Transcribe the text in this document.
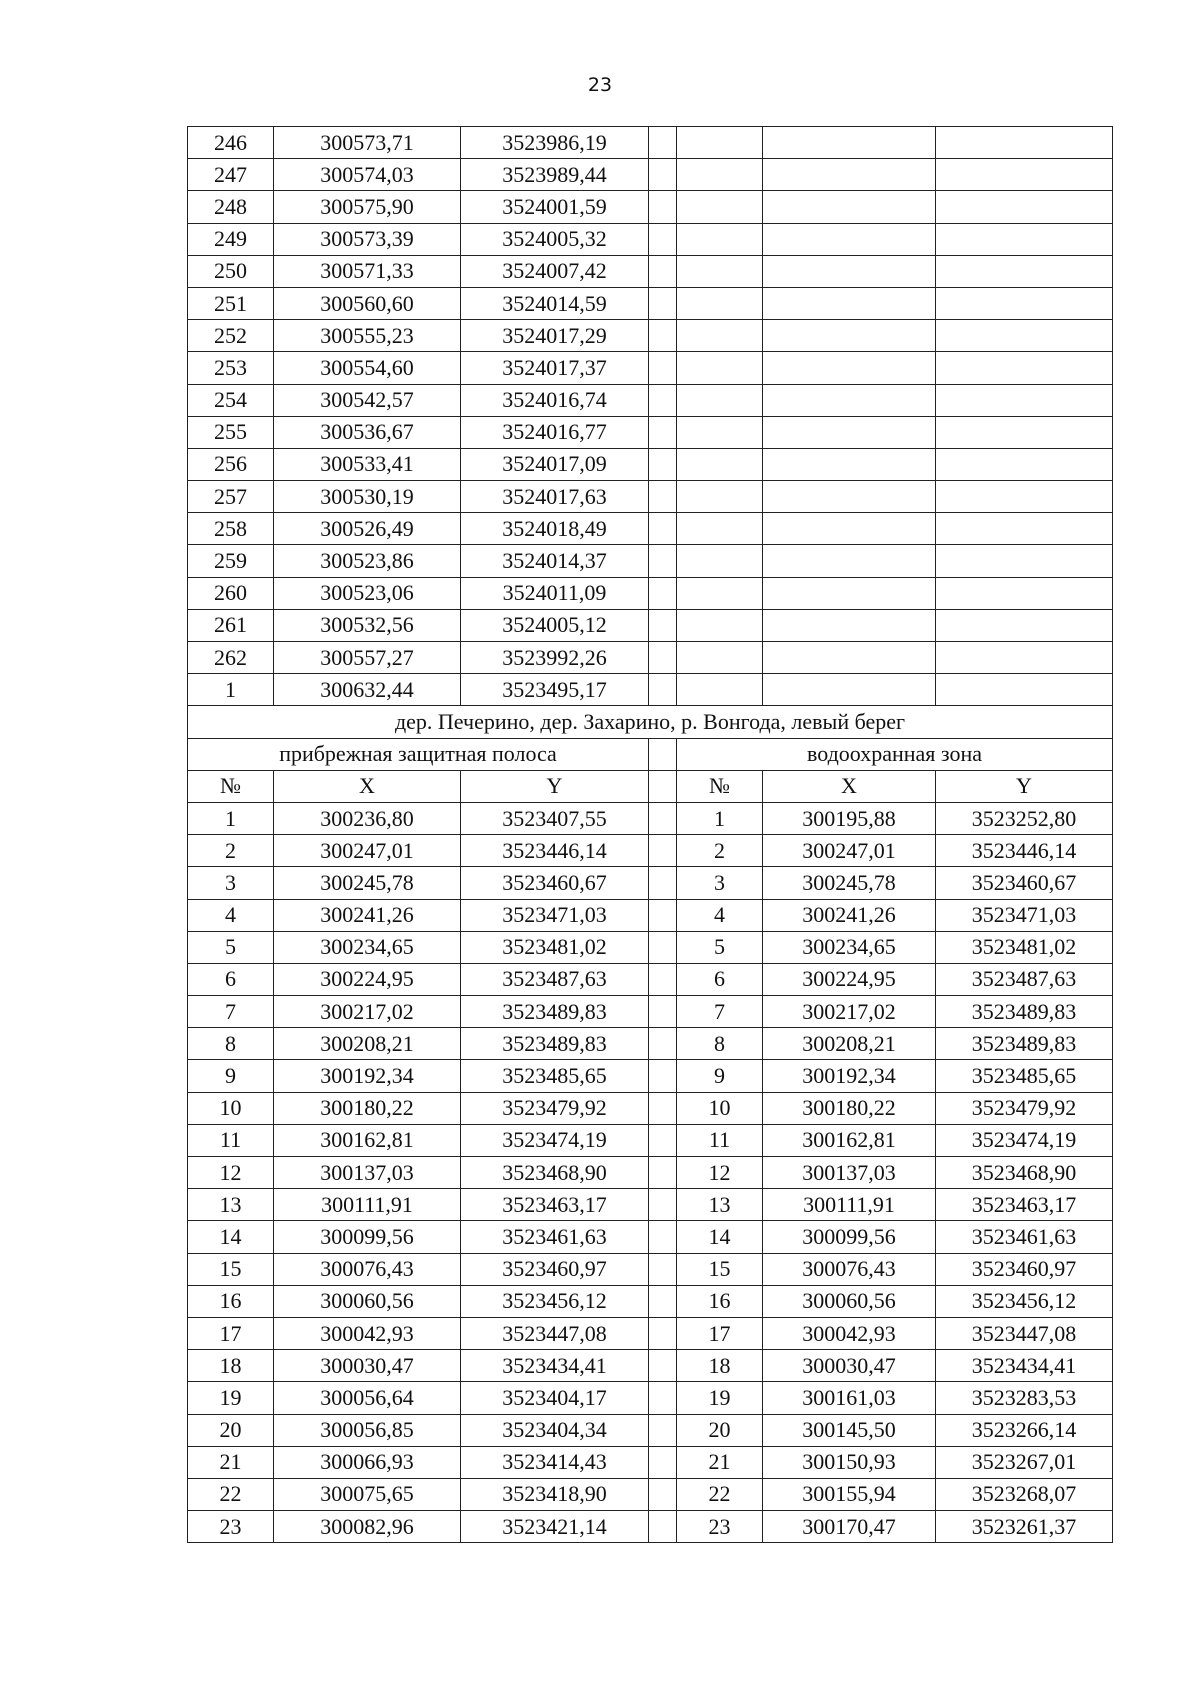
23
246	300573,71	3523986,19				
247	300574,03	3523989,44				
248	300575,90	3524001,59				
249	300573,39	3524005,32				
250	300571,33	3524007,42				
251	300560,60	3524014,59				
252	300555,23	3524017,29				
253	300554,60	3524017,37				
254	300542,57	3524016,74				
255	300536,67	3524016,77				
256	300533,41	3524017,09				
257	300530,19	3524017,63				
258	300526,49	3524018,49				
259	300523,86	3524014,37				
260	300523,06	3524011,09				
261	300532,56	3524005,12				
262	300557,27	3523992,26				
1	300632,44	3523495,17				
дер. Печерино, дер. Захарино, р. Вонгода, левый берег						
прибрежная защитная полоса				водоохранная зона		
№	X	Y		№	X	Y
1	300236,80	3523407,55		1	300195,88	3523252,80
2	300247,01	3523446,14		2	300247,01	3523446,14
3	300245,78	3523460,67		3	300245,78	3523460,67
4	300241,26	3523471,03		4	300241,26	3523471,03
5	300234,65	3523481,02		5	300234,65	3523481,02
6	300224,95	3523487,63		6	300224,95	3523487,63
7	300217,02	3523489,83		7	300217,02	3523489,83
8	300208,21	3523489,83		8	300208,21	3523489,83
9	300192,34	3523485,65		9	300192,34	3523485,65
10	300180,22	3523479,92		10	300180,22	3523479,92
11	300162,81	3523474,19		11	300162,81	3523474,19
12	300137,03	3523468,90		12	300137,03	3523468,90
13	300111,91	3523463,17		13	300111,91	3523463,17
14	300099,56	3523461,63		14	300099,56	3523461,63
15	300076,43	3523460,97		15	300076,43	3523460,97
16	300060,56	3523456,12		16	300060,56	3523456,12
17	300042,93	3523447,08		17	300042,93	3523447,08
18	300030,47	3523434,41		18	300030,47	3523434,41
19	300056,64	3523404,17		19	300161,03	3523283,53
20	300056,85	3523404,34		20	300145,50	3523266,14
21	300066,93	3523414,43		21	300150,93	3523267,01
22	300075,65	3523418,90		22	300155,94	3523268,07
23	300082,96	3523421,14		23	300170,47	3523261,37
